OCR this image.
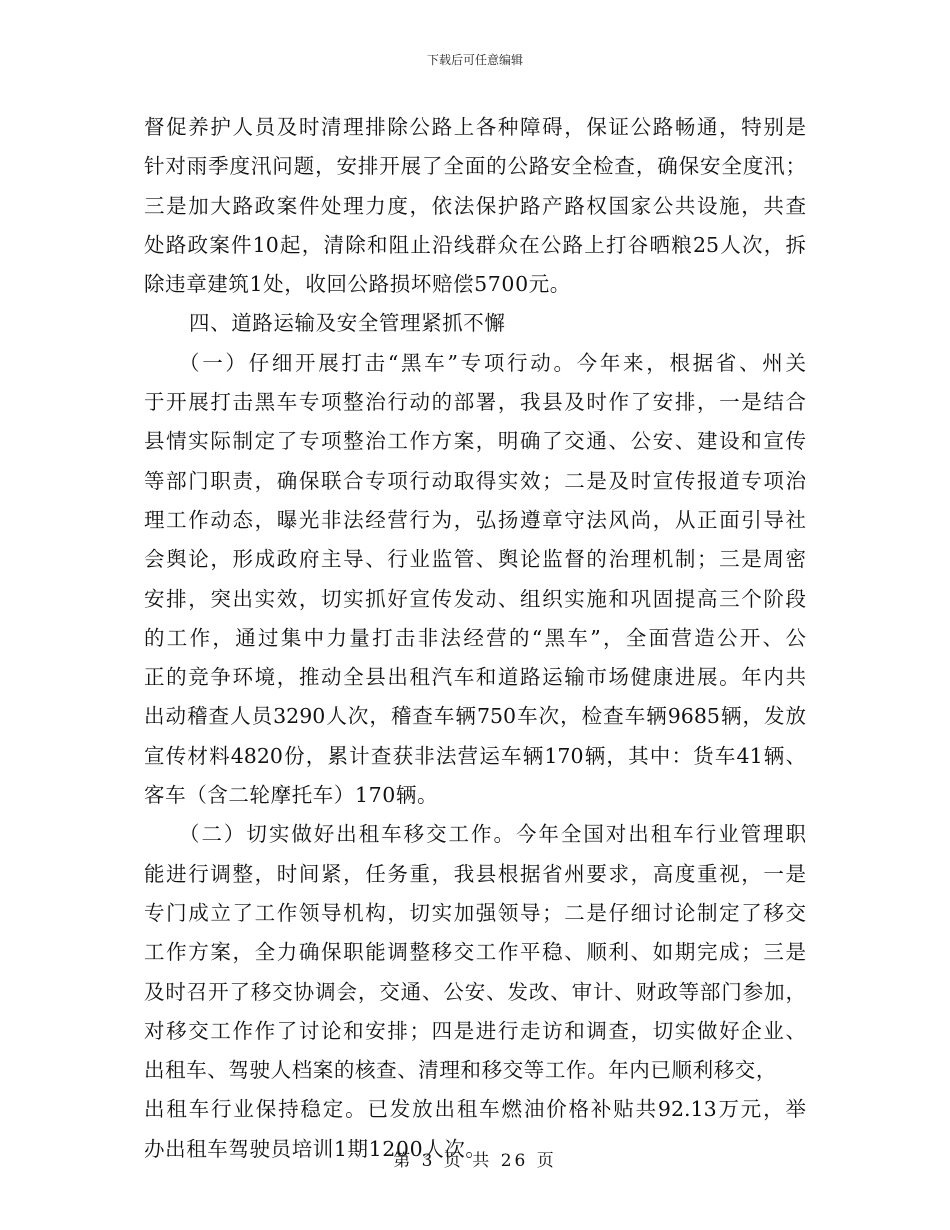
下载后可任意编辑
督促养护人员及时清理排除公路上各种障碍，保证公路畅通，特别是
针对雨季度汛问题，安排开展了全面的公路安全检查，确保安全度汛；
三是加大路政案件处理力度，依法保护路产路权国家公共设施，共查
处路政案件10起，清除和阻止沿线群众在公路上打谷晒粮25人次，拆
除违章建筑1处，收回公路损坏赔偿5700元。
四、道路运输及安全管理紧抓不懈
（一）仔细开展打击“黑车”专项行动。今年来，根据省、州关
于开展打击黑车专项整治行动的部署，我县及时作了安排，一是结合
县情实际制定了专项整治工作方案，明确了交通、公安、建设和宣传
等部门职责，确保联合专项行动取得实效；二是及时宣传报道专项治
理工作动态，曝光非法经营行为，弘扬遵章守法风尚，从正面引导社
会舆论，形成政府主导、行业监管、舆论监督的治理机制；三是周密
安排，突出实效，切实抓好宣传发动、组织实施和巩固提高三个阶段
的工作，通过集中力量打击非法经营的“黑车”，全面营造公开、公
正的竞争环境，推动全县出租汽车和道路运输市场健康进展。年内共
出动稽查人员3290人次，稽查车辆750车次，检查车辆9685辆，发放
宣传材料4820份，累计查获非法营运车辆170辆，其中：货车41辆、
客车（含二轮摩托车）170辆。
（二）切实做好出租车移交工作。今年全国对出租车行业管理职
能进行调整，时间紧，任务重，我县根据省州要求，高度重视，一是
专门成立了工作领导机构，切实加强领导；二是仔细讨论制定了移交
工作方案，全力确保职能调整移交工作平稳、顺利、如期完成；三是
及时召开了移交协调会，交通、公安、发改、审计、财政等部门参加，
对移交工作作了讨论和安排；四是进行走访和调查，切实做好企业、
出租车、驾驶人档案的核查、清理和移交等工作。年内已顺利移交，
出租车行业保持稳定。已发放出租车燃油价格补贴共92.13万元，举
办出租车驾驶员培训1期1200人次。
第 3 页 共 26 页
